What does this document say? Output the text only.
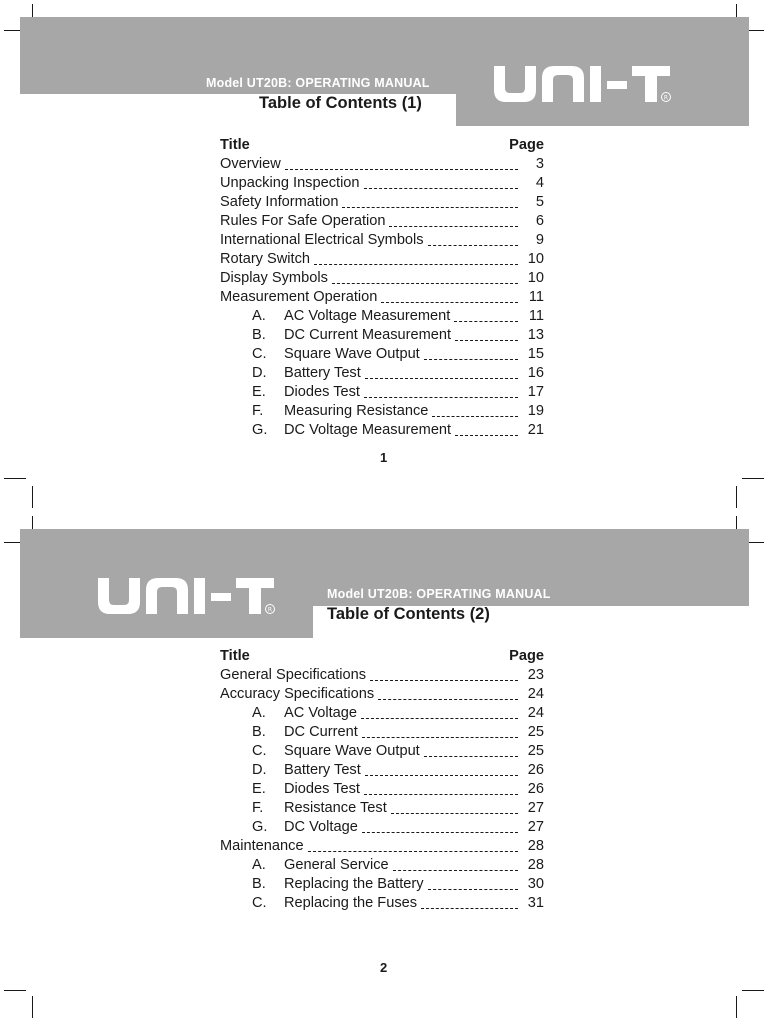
Model UT20B: OPERATING MANUAL
Table of Contents (1)	R
Title	Page
Overview	3
Unpacking Inspection	4
Safety Information	5
Rules For Safe Operation	6
International Electrical Symbols	9
Rotary Switch	10
Display Symbols	10
Measurement Operation	11
A.	AC Voltage Measurement	11
B.	DC Current Measurement	13
C.	Square Wave Output	15
D.	Battery Test	16
E.	Diodes Test	17
F.	Measuring Resistance	19
G.	DC Voltage Measurement	21
1
R
Model UT20B: OPERATING MANUAL
Table of Contents (2)
Title	Page
General Specifications	23
Accuracy Specifications	24
A.	AC Voltage	24
B.	DC Current	25
C.	Square Wave Output	25
D.	Battery Test	26
E.	Diodes Test	26
F.	Resistance Test	27
G.	DC Voltage	27
Maintenance	28
A.	General Service	28
B.	Replacing the Battery	30
C.	Replacing the Fuses	31
2
